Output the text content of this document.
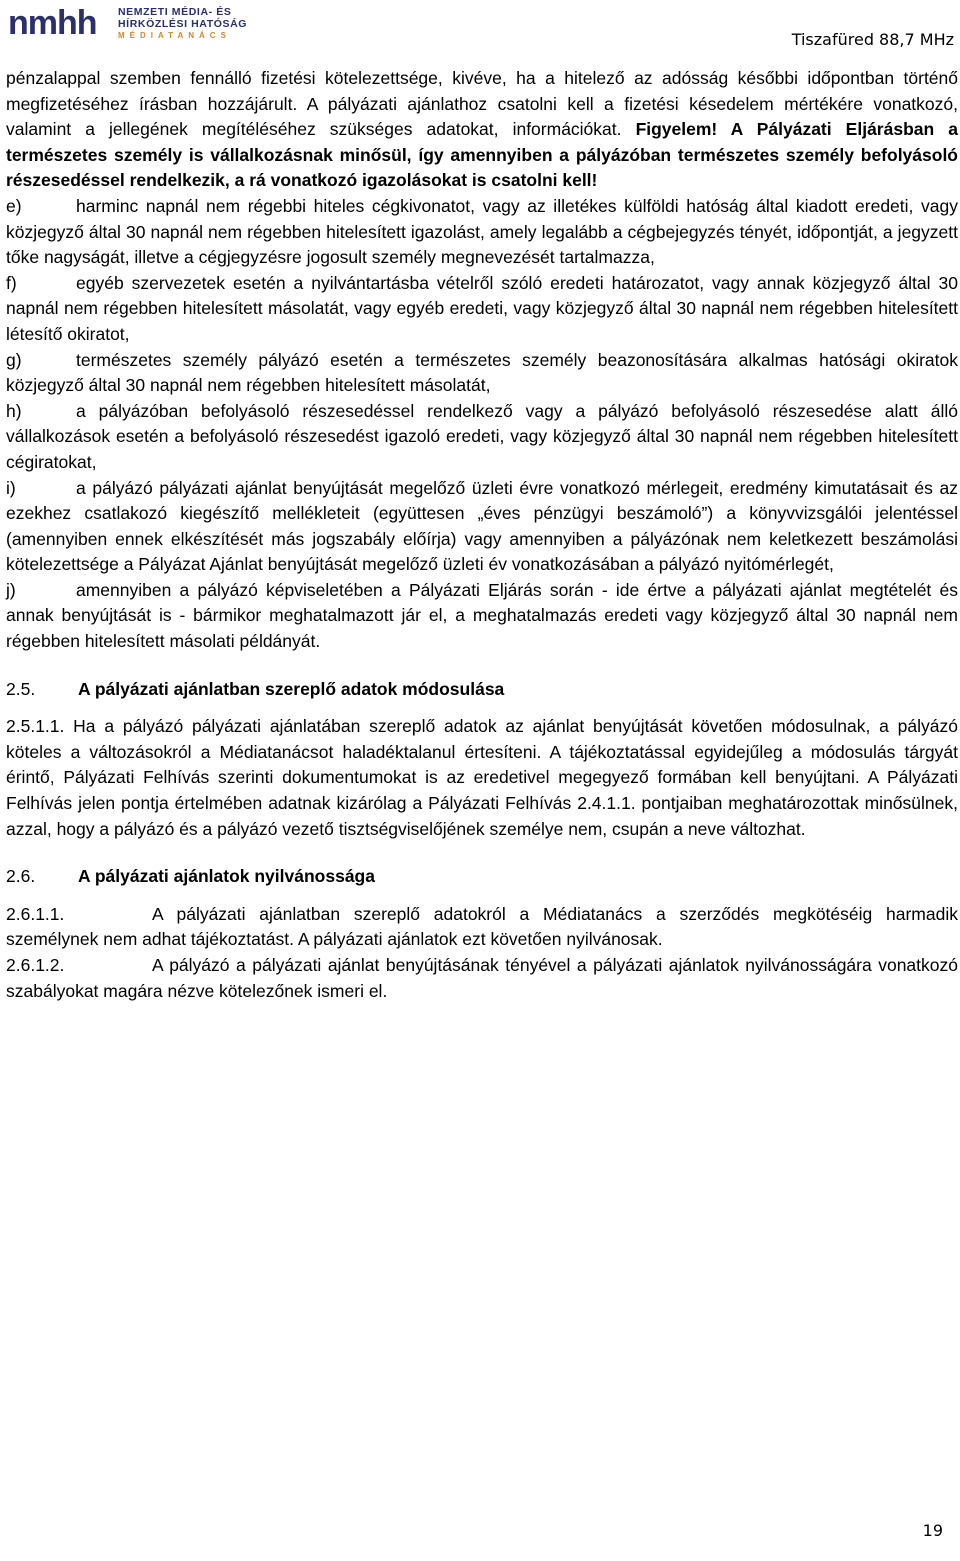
nmhh NEMZETI MÉDIA- ÉS
HÍRKÖZLÉSI HATÓSÁG
MÉDIATANÁCS	Tiszafüred 88,7 MHz

pénzalappal szemben fennálló fizetési kötelezettsége, kivéve, ha a hitelező az adósság későbbi időpontban történő megfizetéséhez írásban hozzájárult. A pályázati ajánlathoz csatolni kell a fizetési késedelem mértékére vonatkozó, valamint a jellegének megítéléséhez szükséges adatokat, információkat. Figyelem! A Pályázati Eljárásban a természetes személy is vállalkozásnak minősül, így amennyiben a pályázóban természetes személy befolyásoló részesedéssel rendelkezik, a rá vonatkozó igazolásokat is csatolni kell!

e)	harminc napnál nem régebbi hiteles cégkivonatot, vagy az illetékes külföldi hatóság által kiadott eredeti, vagy közjegyző által 30 napnál nem régebben hitelesített igazolást, amely legalább a cégbejegyzés tényét, időpontját, a jegyzett tőke nagyságát, illetve a cégjegyzésre jogosult személy megnevezését tartalmazza,

f)	egyéb szervezetek esetén a nyilvántartásba vételről szóló eredeti határozatot, vagy annak közjegyző által 30 napnál nem régebben hitelesített másolatát, vagy egyéb eredeti, vagy közjegyző által 30 napnál nem régebben hitelesített létesítő okiratot,

g)	természetes személy pályázó esetén a természetes személy beazonosítására alkalmas hatósági okiratok közjegyző által 30 napnál nem régebben hitelesített másolatát,

h)	a pályázóban befolyásoló részesedéssel rendelkező vagy a pályázó befolyásoló részesedése alatt álló vállalkozások esetén a befolyásoló részesedést igazoló eredeti, vagy közjegyző által 30 napnál nem régebben hitelesített cégiratokat,

i)	a pályázó pályázati ajánlat benyújtását megelőző üzleti évre vonatkozó mérlegeit, eredmény kimutatásait és az ezekhez csatlakozó kiegészítő mellékleteit (együttesen „éves pénzügyi beszámoló”) a könyvvizsgálói jelentéssel (amennyiben ennek elkészítését más jogszabály előírja) vagy amennyiben a pályázónak nem keletkezett beszámolási kötelezettsége a Pályázat Ajánlat benyújtását megelőző üzleti év vonatkozásában a pályázó nyitómérlegét,

j)	amennyiben a pályázó képviseletében a Pályázati Eljárás során - ide értve a pályázati ajánlat megtételét és annak benyújtását is - bármikor meghatalmazott jár el, a meghatalmazás eredeti vagy közjegyző által 30 napnál nem régebben hitelesített másolati példányát.

2.5. A pályázati ajánlatban szereplő adatok módosulása

2.5.1.1. Ha a pályázó pályázati ajánlatában szereplő adatok az ajánlat benyújtását követően módosulnak, a pályázó köteles a változásokról a Médiatanácsot haladéktalanul értesíteni. A tájékoztatással egyidejűleg a módosulás tárgyát érintő, Pályázati Felhívás szerinti dokumentumokat is az eredetivel megegyező formában kell benyújtani. A Pályázati Felhívás jelen pontja értelmében adatnak kizárólag a Pályázati Felhívás 2.4.1.1. pontjaiban meghatározottak minősülnek, azzal, hogy a pályázó és a pályázó vezető tisztségviselőjének személye nem, csupán a neve változhat.

2.6. A pályázati ajánlatok nyilvánossága

2.6.1.1.	A pályázati ajánlatban szereplő adatokról a Médiatanács a szerződés megkötéséig harmadik személynek nem adhat tájékoztatást. A pályázati ajánlatok ezt követően nyilvánosak.

2.6.1.2.	A pályázó a pályázati ajánlat benyújtásának tényével a pályázati ajánlatok nyilvánosságára vonatkozó szabályokat magára nézve kötelezőnek ismeri el.

19
